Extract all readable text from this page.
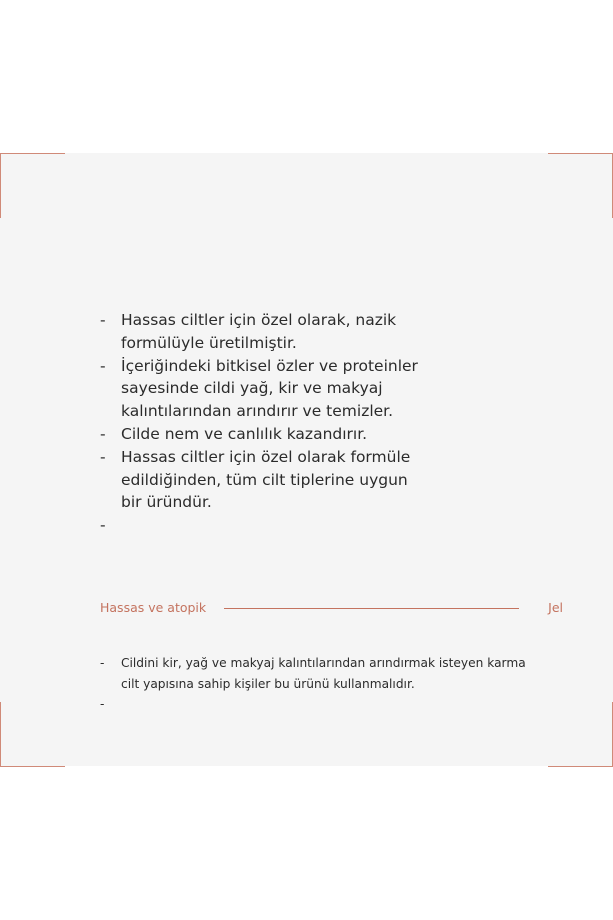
- Hassas ciltler için özel olarak, nazik formülüyle üretilmiştir.
- İçeriğindeki bitkisel özler ve proteinler sayesinde cildi yağ, kir ve makyaj kalıntılarından arındırır ve temizler.
- Cilde nem ve canlılık kazandırır.
- Hassas ciltler için özel olarak formüle edildiğinden, tüm cilt tiplerine uygun bir üründür.
-

Hassas ve atopik	Jel
- Cildini kir, yağ ve makyaj kalıntılarından arındırmak isteyen karma cilt yapısına sahip kişiler bu ürünü kullanmalıdır.
-
